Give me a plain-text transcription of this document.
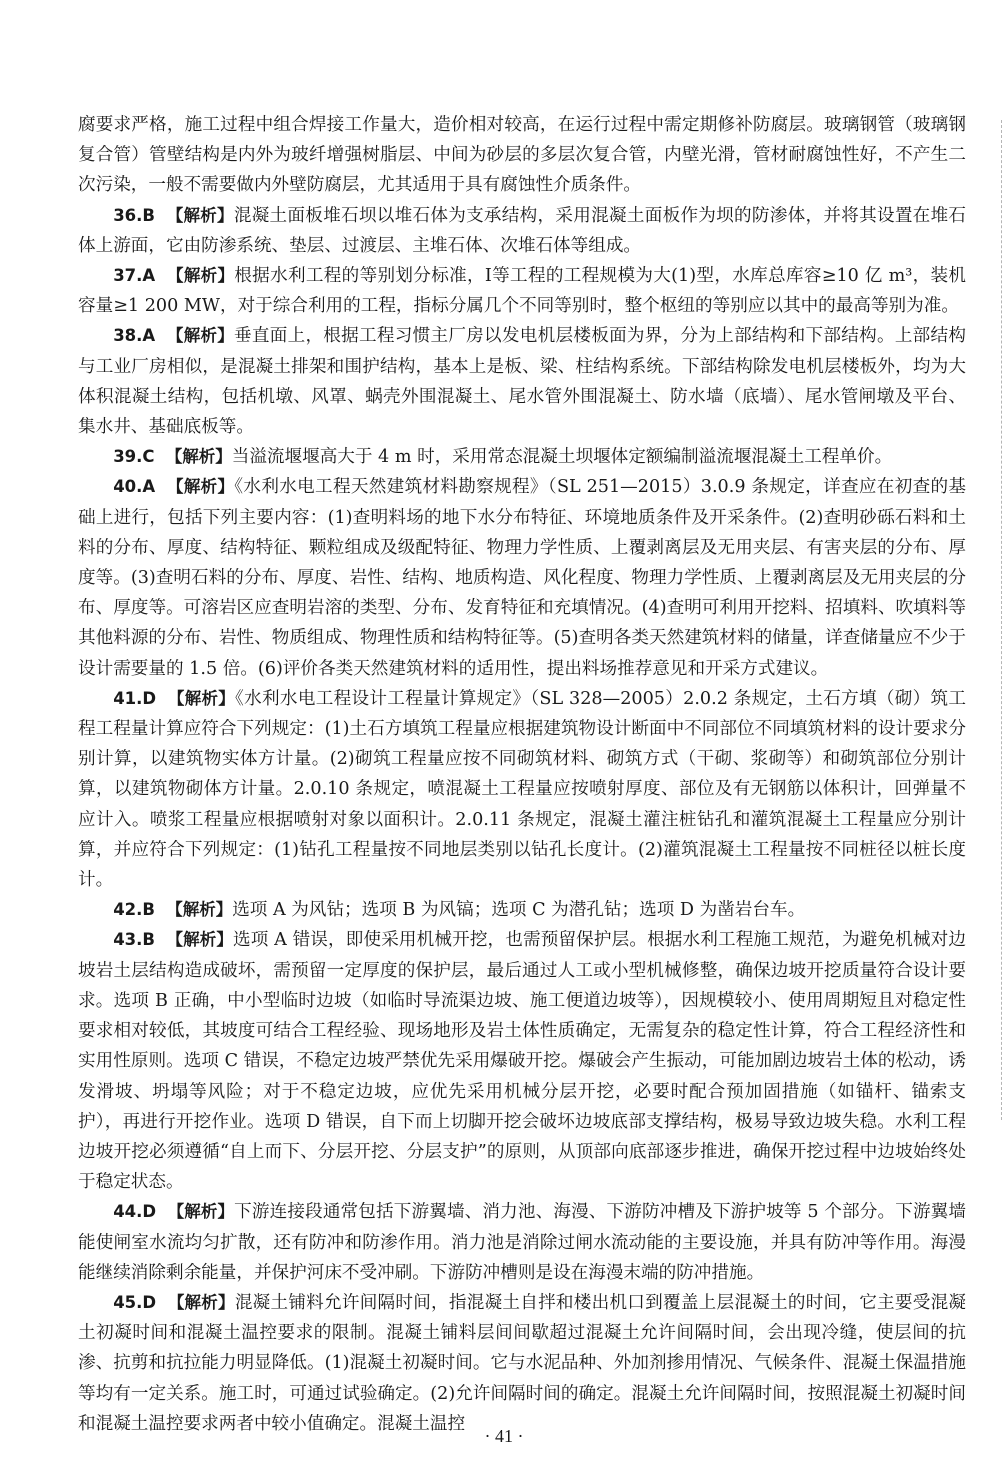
腐要求严格，施工过程中组合焊接工作量大，造价相对较高，在运行过程中需定期修补防腐层。玻璃钢管（玻璃钢复合管）管壁结构是内外为玻纤增强树脂层、中间为砂层的多层次复合管，内壁光滑，管材耐腐蚀性好，不产生二次污染，一般不需要做内外壁防腐层，尤其适用于具有腐蚀性介质条件。

36.B 【解析】混凝土面板堆石坝以堆石体为支承结构，采用混凝土面板作为坝的防渗体，并将其设置在堆石体上游面，它由防渗系统、垫层、过渡层、主堆石体、次堆石体等组成。

37.A 【解析】根据水利工程的等别划分标准，Ⅰ等工程的工程规模为大(1)型，水库总库容≥10 亿 m³，装机容量≥1 200 MW，对于综合利用的工程，指标分属几个不同等别时，整个枢纽的等别应以其中的最高等别为准。

38.A 【解析】垂直面上，根据工程习惯主厂房以发电机层楼板面为界，分为上部结构和下部结构。上部结构与工业厂房相似，是混凝土排架和围护结构，基本上是板、梁、柱结构系统。下部结构除发电机层楼板外，均为大体积混凝土结构，包括机墩、风罩、蜗壳外围混凝土、尾水管外围混凝土、防水墙（底墙）、尾水管闸墩及平台、集水井、基础底板等。

39.C 【解析】当溢流堰堰高大于 4 m 时，采用常态混凝土坝堰体定额编制溢流堰混凝土工程单价。

40.A 【解析】《水利水电工程天然建筑材料勘察规程》（SL 251—2015）3.0.9 条规定，详查应在初查的基础上进行，包括下列主要内容：(1)查明料场的地下水分布特征、环境地质条件及开采条件。(2)查明砂砾石料和土料的分布、厚度、结构特征、颗粒组成及级配特征、物理力学性质、上覆剥离层及无用夹层、有害夹层的分布、厚度等。(3)查明石料的分布、厚度、岩性、结构、地质构造、风化程度、物理力学性质、上覆剥离层及无用夹层的分布、厚度等。可溶岩区应查明岩溶的类型、分布、发育特征和充填情况。(4)查明可利用开挖料、招填料、吹填料等其他料源的分布、岩性、物质组成、物理性质和结构特征等。(5)查明各类天然建筑材料的储量，详查储量应不少于设计需要量的 1.5 倍。(6)评价各类天然建筑材料的适用性，提出料场推荐意见和开采方式建议。

41.D 【解析】《水利水电工程设计工程量计算规定》（SL 328—2005）2.0.2 条规定，土石方填（砌）筑工程工程量计算应符合下列规定：(1)土石方填筑工程量应根据建筑物设计断面中不同部位不同填筑材料的设计要求分别计算，以建筑物实体方计量。(2)砌筑工程量应按不同砌筑材料、砌筑方式（干砌、浆砌等）和砌筑部位分别计算，以建筑物砌体方计量。2.0.10 条规定，喷混凝土工程量应按喷射厚度、部位及有无钢筋以体积计，回弹量不应计入。喷浆工程量应根据喷射对象以面积计。2.0.11 条规定，混凝土灌注桩钻孔和灌筑混凝土工程量应分别计算，并应符合下列规定：(1)钻孔工程量按不同地层类别以钻孔长度计。(2)灌筑混凝土工程量按不同桩径以桩长度计。

42.B 【解析】选项 A 为风钻；选项 B 为风镐；选项 C 为潜孔钻；选项 D 为凿岩台车。

43.B 【解析】选项 A 错误，即使采用机械开挖，也需预留保护层。根据水利工程施工规范，为避免机械对边坡岩土层结构造成破坏，需预留一定厚度的保护层，最后通过人工或小型机械修整，确保边坡开挖质量符合设计要求。选项 B 正确，中小型临时边坡（如临时导流渠边坡、施工便道边坡等），因规模较小、使用周期短且对稳定性要求相对较低，其坡度可结合工程经验、现场地形及岩土体性质确定，无需复杂的稳定性计算，符合工程经济性和实用性原则。选项 C 错误，不稳定边坡严禁优先采用爆破开挖。爆破会产生振动，可能加剧边坡岩土体的松动，诱发滑坡、坍塌等风险；对于不稳定边坡，应优先采用机械分层开挖，必要时配合预加固措施（如锚杆、锚索支护），再进行开挖作业。选项 D 错误，自下而上切脚开挖会破坏边坡底部支撑结构，极易导致边坡失稳。水利工程边坡开挖必须遵循“自上而下、分层开挖、分层支护”的原则，从顶部向底部逐步推进，确保开挖过程中边坡始终处于稳定状态。

44.D 【解析】下游连接段通常包括下游翼墙、消力池、海漫、下游防冲槽及下游护坡等 5 个部分。下游翼墙能使闸室水流均匀扩散，还有防冲和防渗作用。消力池是消除过闸水流动能的主要设施，并具有防冲等作用。海漫能继续消除剩余能量，并保护河床不受冲刷。下游防冲槽则是设在海漫末端的防冲措施。

45.D 【解析】混凝土铺料允许间隔时间，指混凝土自拌和楼出机口到覆盖上层混凝土的时间，它主要受混凝土初凝时间和混凝土温控要求的限制。混凝土铺料层间间歇超过混凝土允许间隔时间，会出现冷缝，使层间的抗渗、抗剪和抗拉能力明显降低。(1)混凝土初凝时间。它与水泥品种、外加剂掺用情况、气候条件、混凝土保温措施等均有一定关系。施工时，可通过试验确定。(2)允许间隔时间的确定。混凝土允许间隔时间，按照混凝土初凝时间和混凝土温控要求两者中较小值确定。混凝土温控

· 41 ·
